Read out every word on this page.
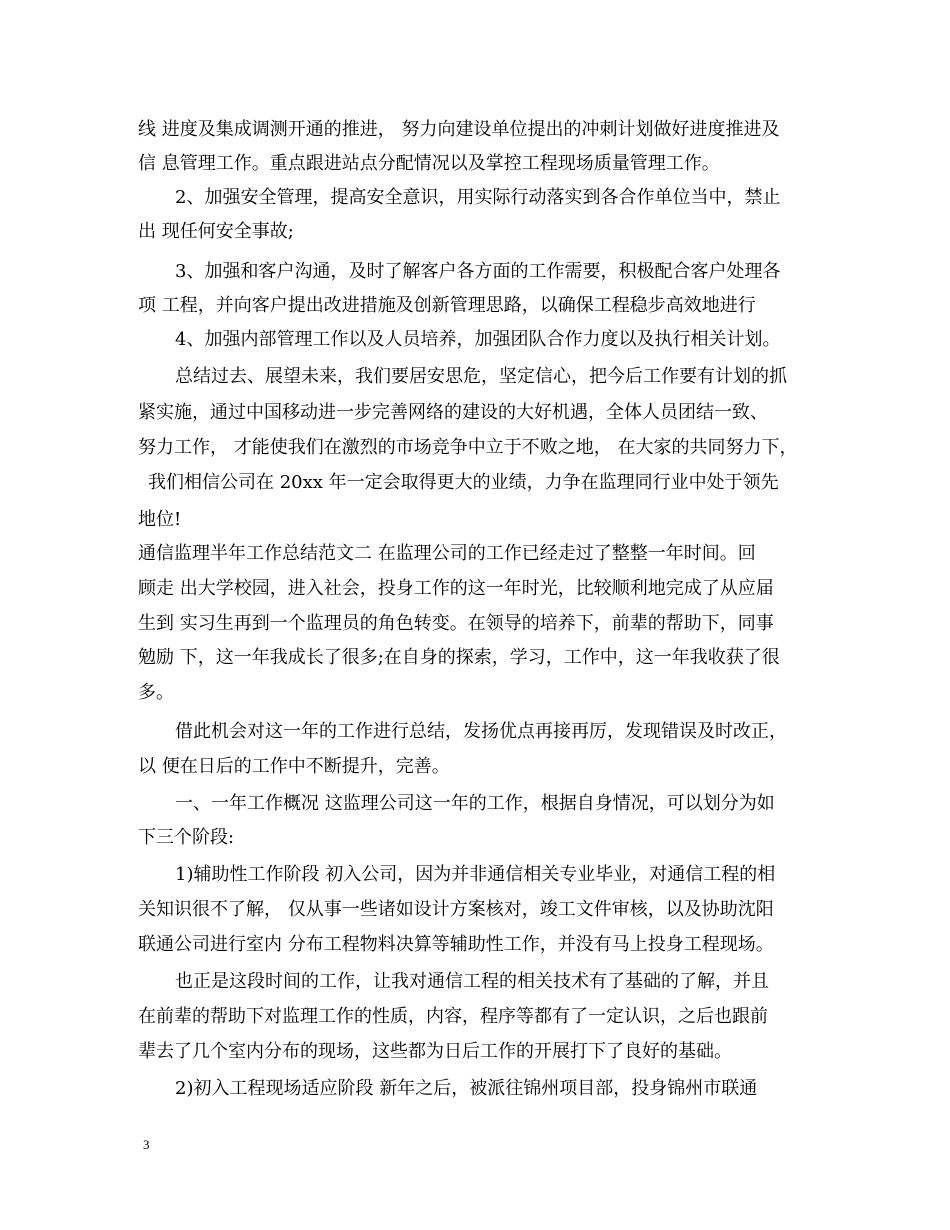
线 进度及集成调测开通的推进， 努力向建设单位提出的冲刺计划做好进度推进及
信 息管理工作。重点跟进站点分配情况以及掌控工程现场质量管理工作。
2、加强安全管理，提高安全意识，用实际行动落实到各合作单位当中，禁止
出 现任何安全事故;
3、加强和客户沟通，及时了解客户各方面的工作需要，积极配合客户处理各
项 工程，并向客户提出改进措施及创新管理思路，以确保工程稳步高效地进行
4、加强内部管理工作以及人员培养，加强团队合作力度以及执行相关计划。
总结过去、展望未来，我们要居安思危，坚定信心，把今后工作要有计划的抓
紧实施，通过中国移动进一步完善网络的建设的大好机遇，全体人员团结一致、
努力工作， 才能使我们在激烈的市场竞争中立于不败之地， 在大家的共同努力下，
我们相信公司在 20xx 年一定会取得更大的业绩，力争在监理同行业中处于领先
地位!
通信监理半年工作总结范文二 在监理公司的工作已经走过了整整一年时间。回
顾走 出大学校园，进入社会，投身工作的这一年时光，比较顺利地完成了从应届
生到 实习生再到一个监理员的角色转变。在领导的培养下，前辈的帮助下，同事
勉励 下，这一年我成长了很多;在自身的探索，学习，工作中，这一年我收获了很
多。
借此机会对这一年的工作进行总结，发扬优点再接再厉，发现错误及时改正，
以 便在日后的工作中不断提升，完善。
一、一年工作概况 这监理公司这一年的工作，根据自身情况，可以划分为如
下三个阶段:
1)辅助性工作阶段 初入公司，因为并非通信相关专业毕业，对通信工程的相
关知识很不了解， 仅从事一些诸如设计方案核对，竣工文件审核，以及协助沈阳
联通公司进行室内 分布工程物料决算等辅助性工作，并没有马上投身工程现场。
也正是这段时间的工作，让我对通信工程的相关技术有了基础的了解，并且
在前辈的帮助下对监理工作的性质，内容，程序等都有了一定认识，之后也跟前
辈去了几个室内分布的现场，这些都为日后工作的开展打下了良好的基础。
2)初入工程现场适应阶段 新年之后，被派往锦州项目部，投身锦州市联通
3
